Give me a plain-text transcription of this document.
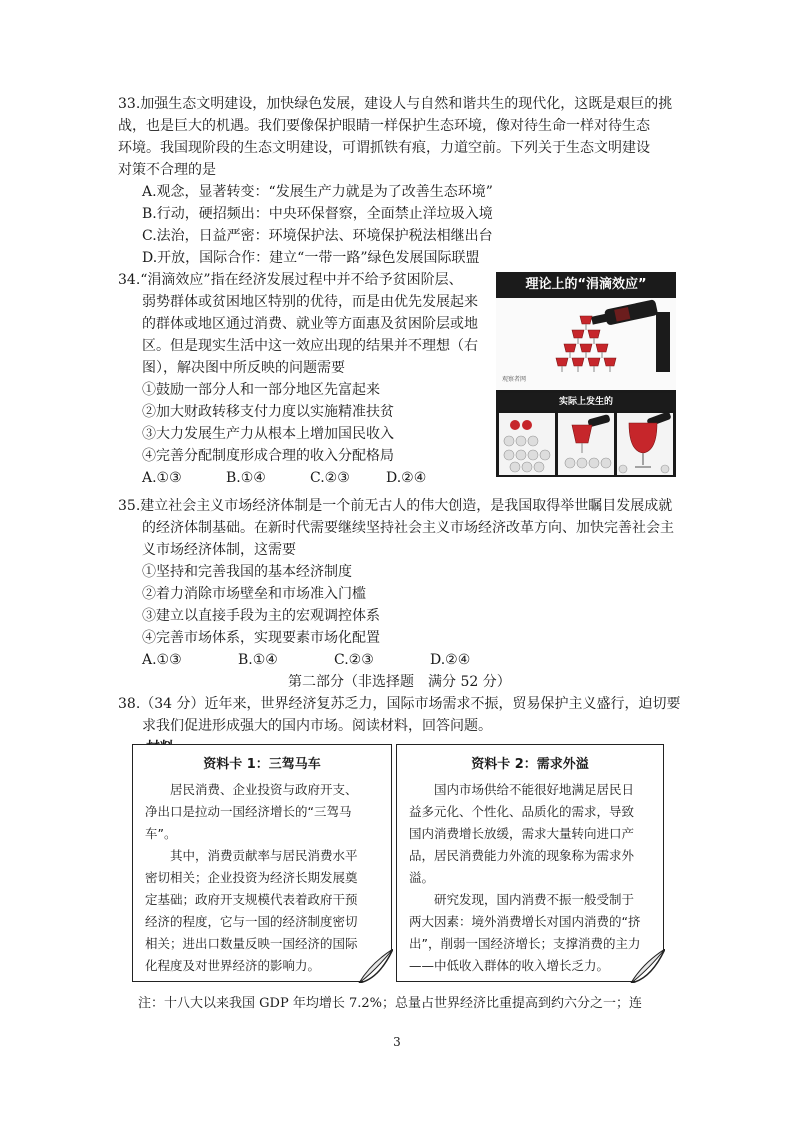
33.加强生态文明建设，加快绿色发展，建设人与自然和谐共生的现代化，这既是艰巨的挑
战，也是巨大的机遇。我们要像保护眼睛一样保护生态环境，像对待生命一样对待生态
环境。我国现阶段的生态文明建设，可谓抓铁有痕，力道空前。下列关于生态文明建设
对策不合理的是
A.观念，显著转变：“发展生产力就是为了改善生态环境”
B.行动，硬招频出：中央环保督察，全面禁止洋垃圾入境
C.法治，日益严密：环境保护法、环境保护税法相继出台
D.开放，国际合作：建立“一带一路”绿色发展国际联盟
34.“涓滴效应”指在经济发展过程中并不给予贫困阶层、
弱势群体或贫困地区特别的优待，而是由优先发展起来
的群体或地区通过消费、就业等方面惠及贫困阶层或地
区。但是现实生活中这一效应出现的结果并不理想（右
图），解决图中所反映的问题需要
①鼓励一部分人和一部分地区先富起来
②加大财政转移支付力度以实施精准扶贫
③大力发展生产力从根本上增加国民收入
④完善分配制度形成合理的收入分配格局
A.①③	B.①④	C.②③	D.②④
35.建立社会主义市场经济体制是一个前无古人的伟大创造，是我国取得举世瞩目发展成就
的经济体制基础。在新时代需要继续坚持社会主义市场经济改革方向、加快完善社会主
义市场经济体制，这需要
①坚持和完善我国的基本经济制度
②着力消除市场壁垒和市场准入门槛
③建立以直接手段为主的宏观调控体系
④完善市场体系，实现要素市场化配置
A.①③	B.①④	C.②③	D.②④
第二部分（非选择题　满分 52 分）
38.（34 分）近年来，世界经济复苏乏力，国际市场需求不振，贸易保护主义盛行，迫切要
求我们促进形成强大的国内市场。阅读材料，回答问题。
理论上的“涓滴效应”
观察者网
实际上发生的
资料卡 1：三驾马车
　　居民消费、企业投资与政府开支、
净出口是拉动一国经济增长的“三驾马
车”。
　　其中，消费贡献率与居民消费水平
密切相关；企业投资为经济长期发展奠
定基础；政府开支规模代表着政府干预
经济的程度，它与一国的经济制度密切
相关；进出口数量反映一国经济的国际
化程度及对世界经济的影响力。
资料卡 2：需求外溢
　　国内市场供给不能很好地满足居民日
益多元化、个性化、品质化的需求，导致
国内消费增长放缓，需求大量转向进口产
品，居民消费能力外流的现象称为需求外
溢。
　　研究发现，国内消费不振一般受制于
两大因素：境外消费增长对国内消费的“挤
出”，削弱一国经济增长；支撑消费的主力
——中低收入群体的收入增长乏力。
注：十八大以来我国 GDP 年均增长 7.2%；总量占世界经济比重提高到约六分之一；连
3
